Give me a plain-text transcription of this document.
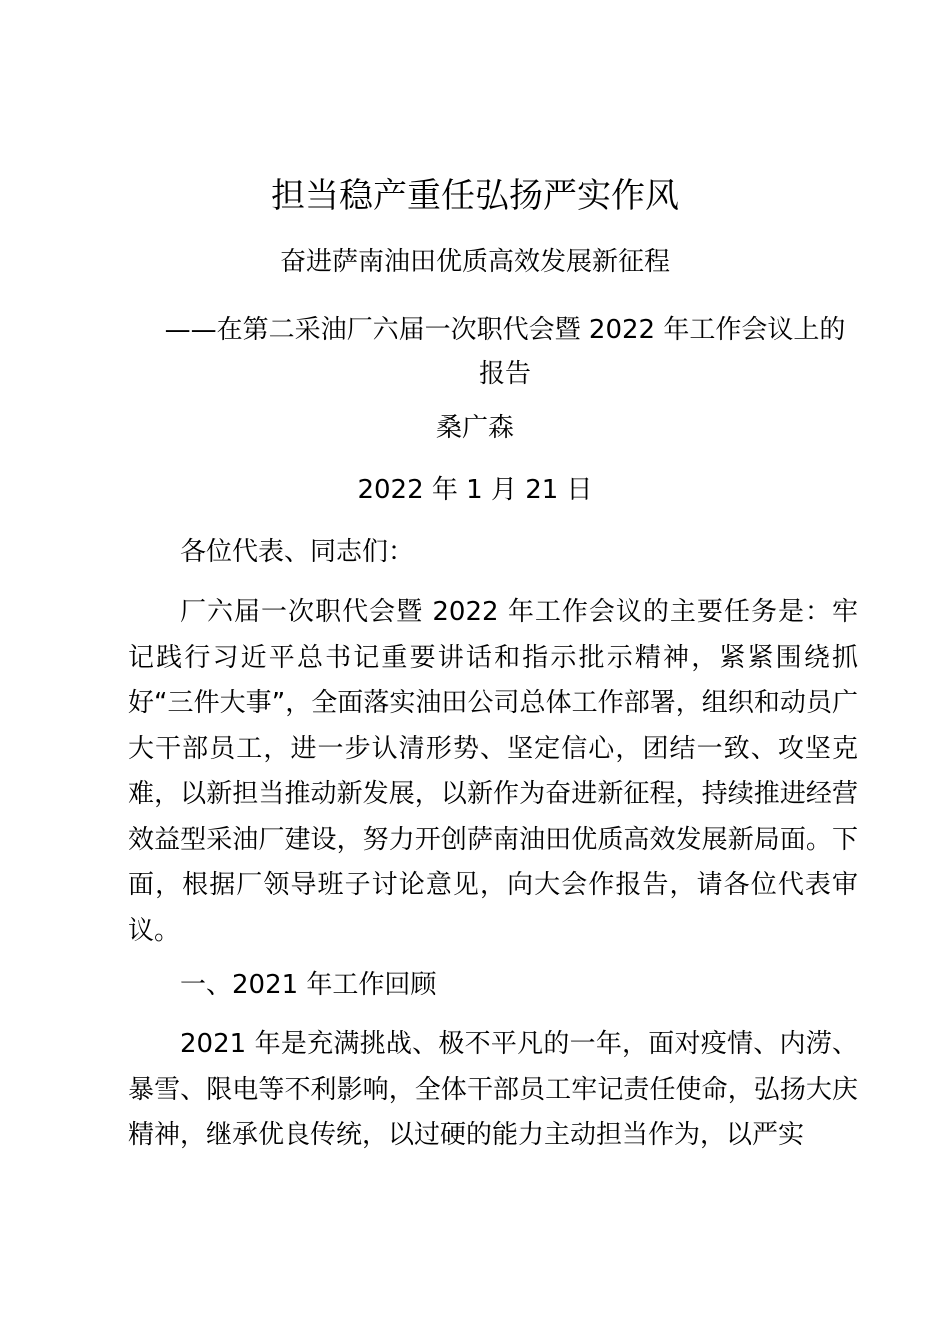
担当稳产重任弘扬严实作风
奋进萨南油田优质高效发展新征程
——在第二采油厂六届一次职代会暨 2022 年工作会议上的报告
桑广森
2022 年 1 月 21 日
各位代表、同志们：
厂六届一次职代会暨 2022 年工作会议的主要任务是：牢记践行习近平总书记重要讲话和指示批示精神，紧紧围绕抓好“三件大事”，全面落实油田公司总体工作部署，组织和动员广大干部员工，进一步认清形势、坚定信心，团结一致、攻坚克难，以新担当推动新发展，以新作为奋进新征程，持续推进经营效益型采油厂建设，努力开创萨南油田优质高效发展新局面。下面，根据厂领导班子讨论意见，向大会作报告，请各位代表审议。
一、2021 年工作回顾
2021 年是充满挑战、极不平凡的一年，面对疫情、内涝、暴雪、限电等不利影响，全体干部员工牢记责任使命，弘扬大庆精神，继承优良传统，以过硬的能力主动担当作为，以严实
